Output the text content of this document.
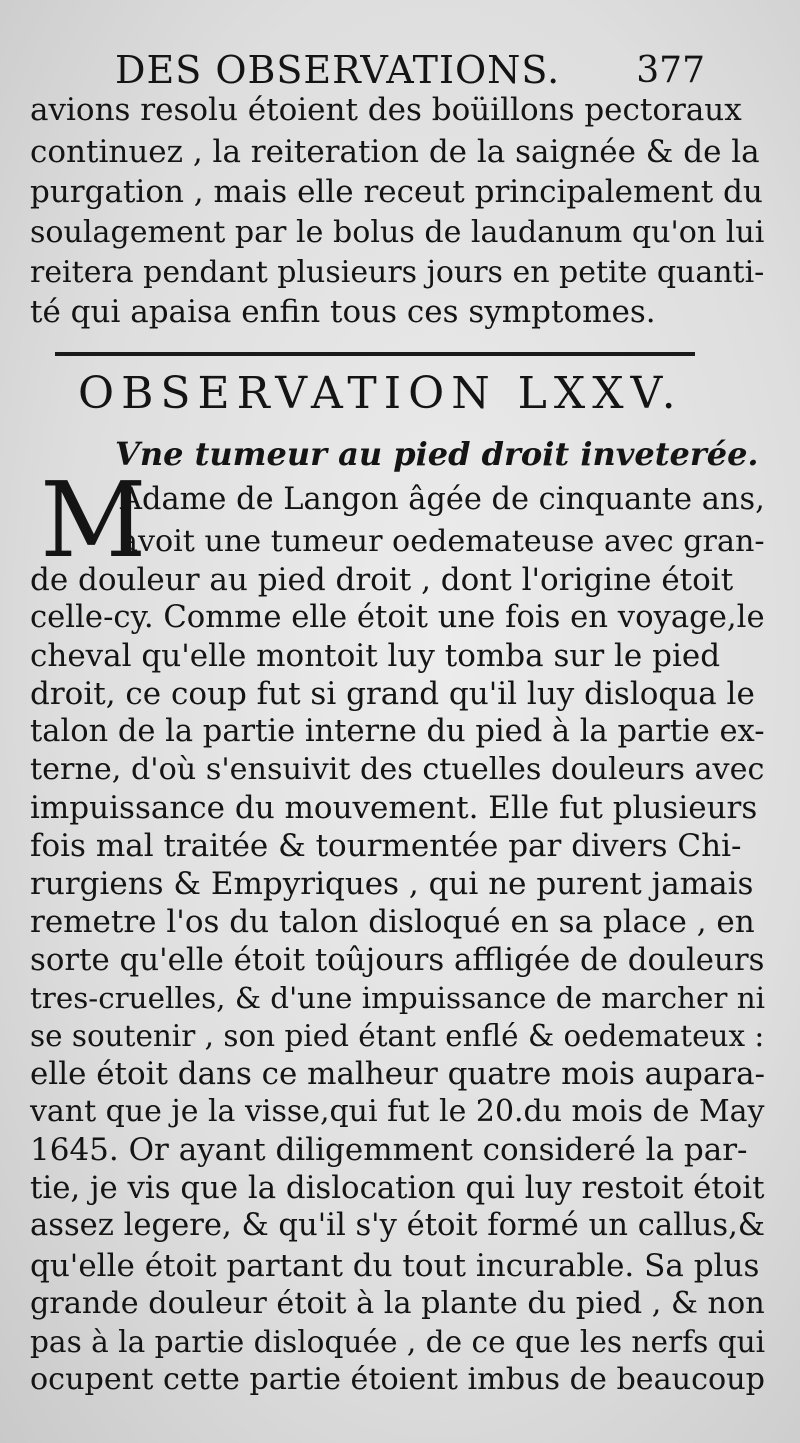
DES OBSERVATIONS. 377
avions resolu étoient des boüillons pectoraux
continuez , la reiteration de la saignée & de la
purgation , mais elle receut principalement du
soulagement par le bolus de laudanum qu'on lui
reitera pendant plusieurs jours en petite quanti-
té qui apaisa enfin tous ces symptomes.
OBSERVATION LXXV.
Vne tumeur au pied droit inveterée.
M
Adame de Langon âgée de cinquante ans,
avoit une tumeur oedemateuse avec gran-
de douleur au pied droit , dont l'origine étoit
celle-cy. Comme elle étoit une fois en voyage,le
cheval qu'elle montoit luy tomba sur le pied
droit, ce coup fut si grand qu'il luy disloqua le
talon de la partie interne du pied à la partie ex-
terne, d'où s'ensuivit des ctuelles douleurs avec
impuissance du mouvement. Elle fut plusieurs
fois mal traitée & tourmentée par divers Chi-
rurgiens & Empyriques , qui ne purent jamais
remetre l'os du talon disloqué en sa place , en
sorte qu'elle étoit toûjours affligée de douleurs
tres-cruelles, & d'une impuissance de marcher ni
se soutenir , son pied étant enflé & oedemateux :
elle étoit dans ce malheur quatre mois aupara-
vant que je la visse,qui fut le 20.du mois de May
1645. Or ayant diligemment consideré la par-
tie, je vis que la dislocation qui luy restoit étoit
assez legere, & qu'il s'y étoit formé un callus,&
qu'elle étoit partant du tout incurable. Sa plus
grande douleur étoit à la plante du pied , & non
pas à la partie disloquée , de ce que les nerfs qui
ocupent cette partie étoient imbus de beaucoup
